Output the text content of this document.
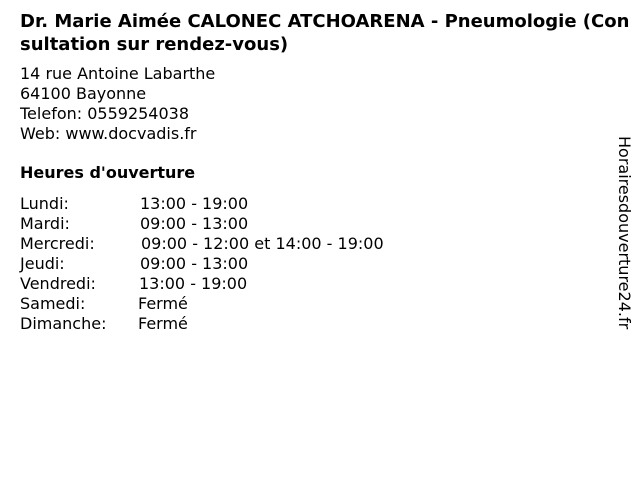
Dr. Marie Aimée CALONEC ATCHOARENA - Pneumologie (Consultation sur rendez-vous)
14 rue Antoine Labarthe
64100 Bayonne
Telefon: 0559254038
Web: www.docvadis.fr
Heures d'ouverture
Lundi:	13:00 - 19:00
Mardi:	09:00 - 13:00
Mercredi:	09:00 - 12:00 et 14:00 - 19:00
Jeudi:	09:00 - 13:00
Vendredi:	13:00 - 19:00
Samedi:	Fermé
Dimanche:	Fermé	Horairesdouverture24.fr
